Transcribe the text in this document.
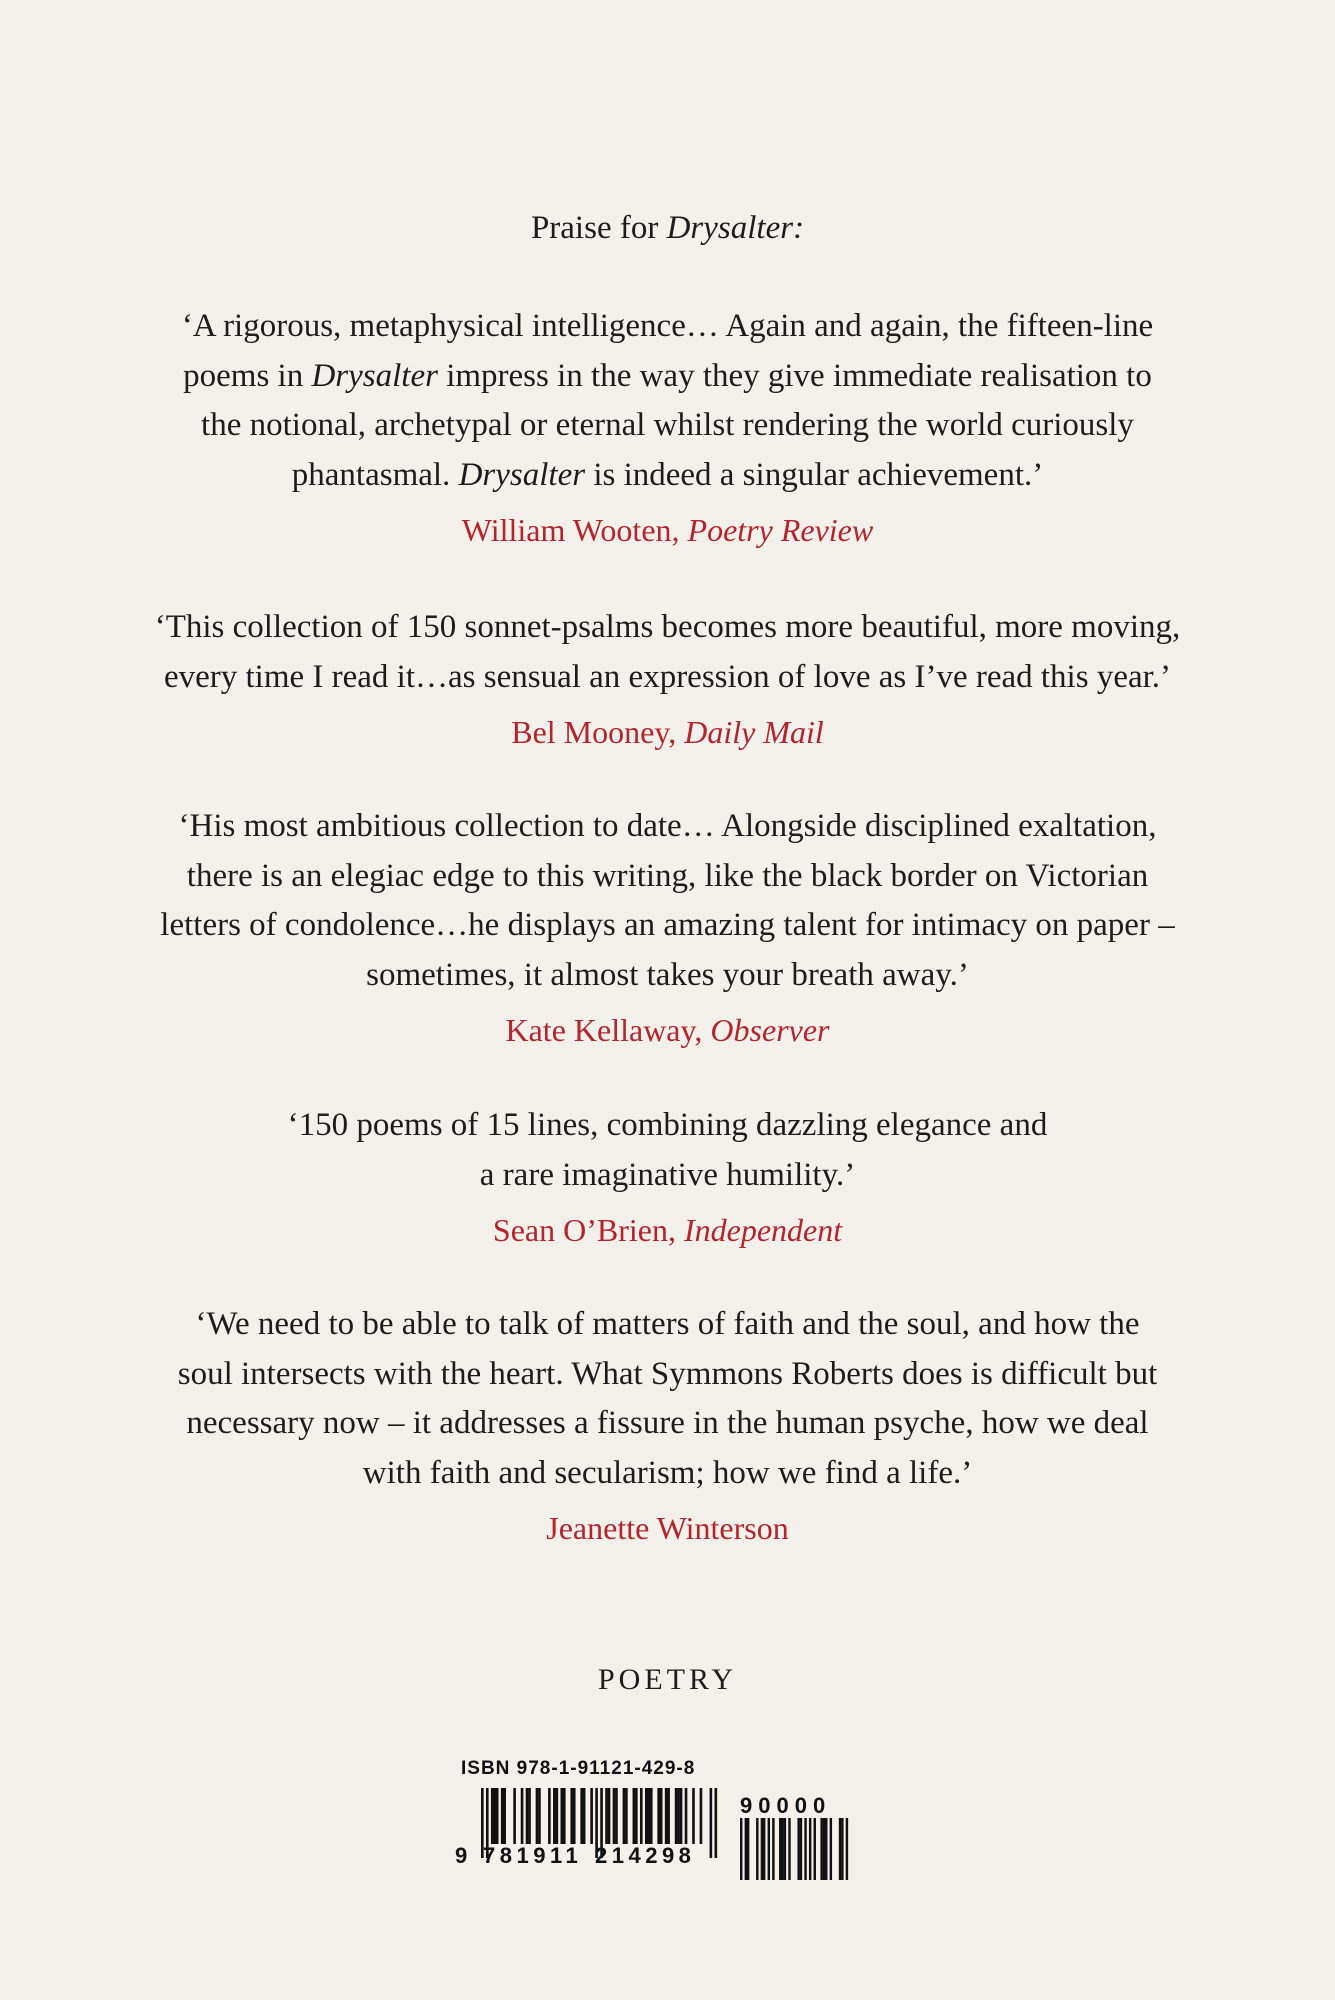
Praise for Drysalter:
‘A rigorous, metaphysical intelligence… Again and again, the fifteen-line
poems in Drysalter impress in the way they give immediate realisation to
the notional, archetypal or eternal whilst rendering the world curiously
phantasmal. Drysalter is indeed a singular achievement.’
William Wooten, Poetry Review
‘This collection of 150 sonnet-psalms becomes more beautiful, more moving,
every time I read it…as sensual an expression of love as I’ve read this year.’
Bel Mooney, Daily Mail
‘His most ambitious collection to date… Alongside disciplined exaltation,
there is an elegiac edge to this writing, like the black border on Victorian
letters of condolence…he displays an amazing talent for intimacy on paper –
sometimes, it almost takes your breath away.’
Kate Kellaway, Observer
‘150 poems of 15 lines, combining dazzling elegance and
a rare imaginative humility.’
Sean O’Brien, Independent
‘We need to be able to talk of matters of faith and the soul, and how the
soul intersects with the heart. What Symmons Roberts does is difficult but
necessary now – it addresses a fissure in the human psyche, how we deal
with faith and secularism; how we find a life.’
Jeanette Winterson
POETRY
ISBN 978-1-91121-429-8
9 781911 214298
90000
